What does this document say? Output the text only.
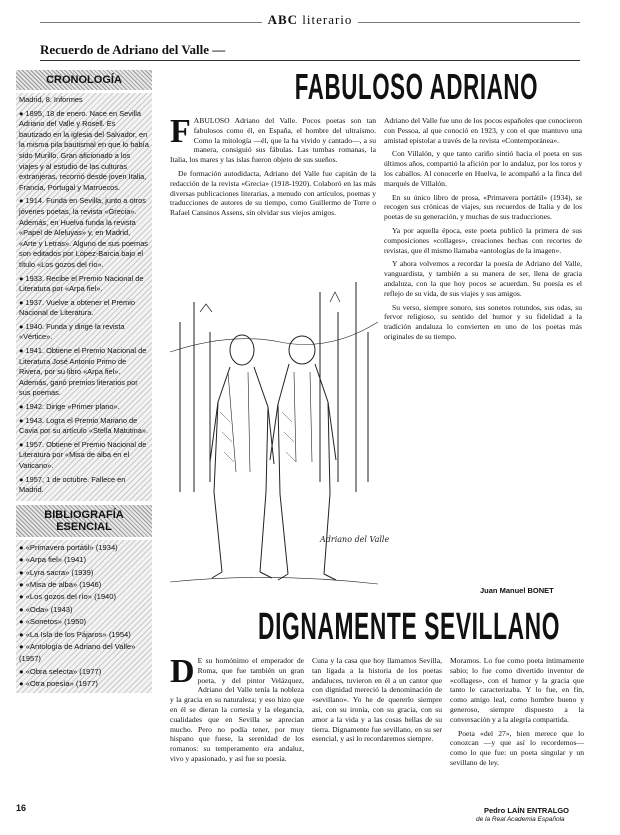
ABC literario
Recuerdo de Adriano del Valle —
CRONOLOGÍA

Madrid, 8. Informes

● 1895, 18 de enero. Nace en Sevilla Adriano del Valle y Rosell. Es bautizado en la iglesia del Salvador, en la misma pila bautismal en que lo había sido Murillo. Gran aficionado a los viajes y al estudio de las culturas extranjeras, recorrió desde joven Italia, Francia, Portugal y Marruecos.

● 1914. Funda en Sevilla, junto a otros jóvenes poetas, la revista «Grecia». Además, en Huelva funda la revista «Papel de Aleluyas» y, en Madrid, «Arte y Letras». Alguno de sus poemas son editados por López-Barcia bajo el título «Los gozos del río».

● 1933. Recibe el Premio Nacional de Literatura por «Arpa fiel».

● 1937. Vuelve a obtener el Premio Nacional de Literatura.

● 1940. Funda y dirige la revista «Vértice».

● 1941. Obtiene el Premio Nacional de Literatura José Antonio Primo de Rivera, por su libro «Arpa fiel». Además, ganó premios literarios por sus poemas.

● 1942. Dirige «Primer plano».

● 1943. Logra el Premio Mariano de Cavia por su artículo «Stella Matutina».

● 1957. Obtiene el Premio Nacional de Literatura por «Misa de alba en el Vaticano».

● 1957, 1 de octubre. Fallece en Madrid.

BIBLIOGRAFÍA ESENCIAL
● «Primavera portátil» (1934)
● «Arpa fiel» (1941)
● «Lyra sacra» (1939)
● «Misa de alba» (1946)
● «Los gozos del río» (1940)
● «Oda» (1943)
● «Sonetos» (1950)
● «La Isla de los Pájaros» (1954)
● «Antología de Adriano del Valle» (1957)
● «Obra selecta» (1977)
● «Otra poesía» (1977)
16
FABULOSO ADRIANO

FABULOSO Adriano del Valle. Pocos poetas son tan fabulosos como él, en España, el hombre del ultraísmo. Como la mitología —él, que la ha vivido y cantado—, a su manera, consiguió sus fábulas. Las tumbas romanas, la Italia, los mares y las islas fueron objeto de sus sueños.

De formación autodidacta, Adriano del Valle fue capitán de la redacción de la revista «Grecia» (1918-1920). Colaboró en las más diversas publicaciones literarias, a menudo con artículos, poemas y traducciones de autores de su tiempo, como Guillermo de Torre o Rafael Cansinos Assens, sin olvidar sus viejos amigos.

Adriano del Valle fue uno de los pocos españoles que conocieron con Pessoa, al que conoció en 1923, y con el que mantuvo una amistad epistolar a través de la revista «Contemporánea».

Con Villalón, y que tanto cariño sintió hacia el poeta en sus últimos años, compartió la afición por lo andaluz, por los toros y los caballos. Al conocerle en Huelva, le acompañó a la finca del marqués de Villalón.

En su único libro de prosa, «Primavera portátil» (1934), se recogen sus crónicas de viajes, sus recuerdos de Italia y de los poetas de su generación, y muchas de sus traducciones.

Ya por aquella época, este poeta publicó la primera de sus composiciones «collages», creaciones hechas con recortes de revistas, que él mismo llamaba «antologías de la imagen».

Y ahora volvemos a recordar la poesía de Adriano del Valle, vanguardista, y también a su manera de ser, llena de gracia andaluza, con la que hoy pocos se acuerdan. Su poesía es el reflejo de su vida, de sus viajes y sus amigos.

Su verso, siempre sonoro, sus sonetos rotundos, sus odas, su fervor religioso, su sentido del humor y su fidelidad a la tradición andaluza lo convierten en uno de los poetas más originales de su tiempo.

Juan Manuel BONET
Adriano del Valle
DIGNAMENTE SEVILLANO

D E su homónimo el emperador de Roma, que fue también un gran poeta, y del pintor Velázquez, Adriano del Valle tenía la nobleza y la gracia en su naturaleza; y eso hizo que en él se dieran la cortesía y la elegancia, cualidades que en Sevilla se aprecian mucho. Pero no podía tener, por muy hispano que fuese, la serenidad de los romanos: su temperamento era andaluz, vivo y apasionado, y así fue su poesía.

Cuna y la casa que hoy llamamos Sevilla, tan ligada a la historia de los poetas andaluces, tuvieron en él a un cantor que con dignidad mereció la denominación de «sevillano». Yo he de quererlo siempre así, con su ironía, con su gracia, con su amor a la vida y a las cosas bellas de su tierra. Dignamente fue sevillano, en su ser esencial, y así lo recordaremos siempre.

Moramos. Lo fue como poeta íntimamente sabio; lo fue como divertido inventor de «collages», con el humor y la gracia que tanto le caracterizaba. Y lo fue, en fin, como amigo leal, como hombre bueno y generoso, siempre dispuesto a la conversación y a la alegría compartida.

Poeta «del 27», bien merece que lo conozcan —y que así lo recordemos— como lo que fue: un poeta singular y un sevillano de ley.

Pedro LAÍN ENTRALGO
de la Real Academia Española
